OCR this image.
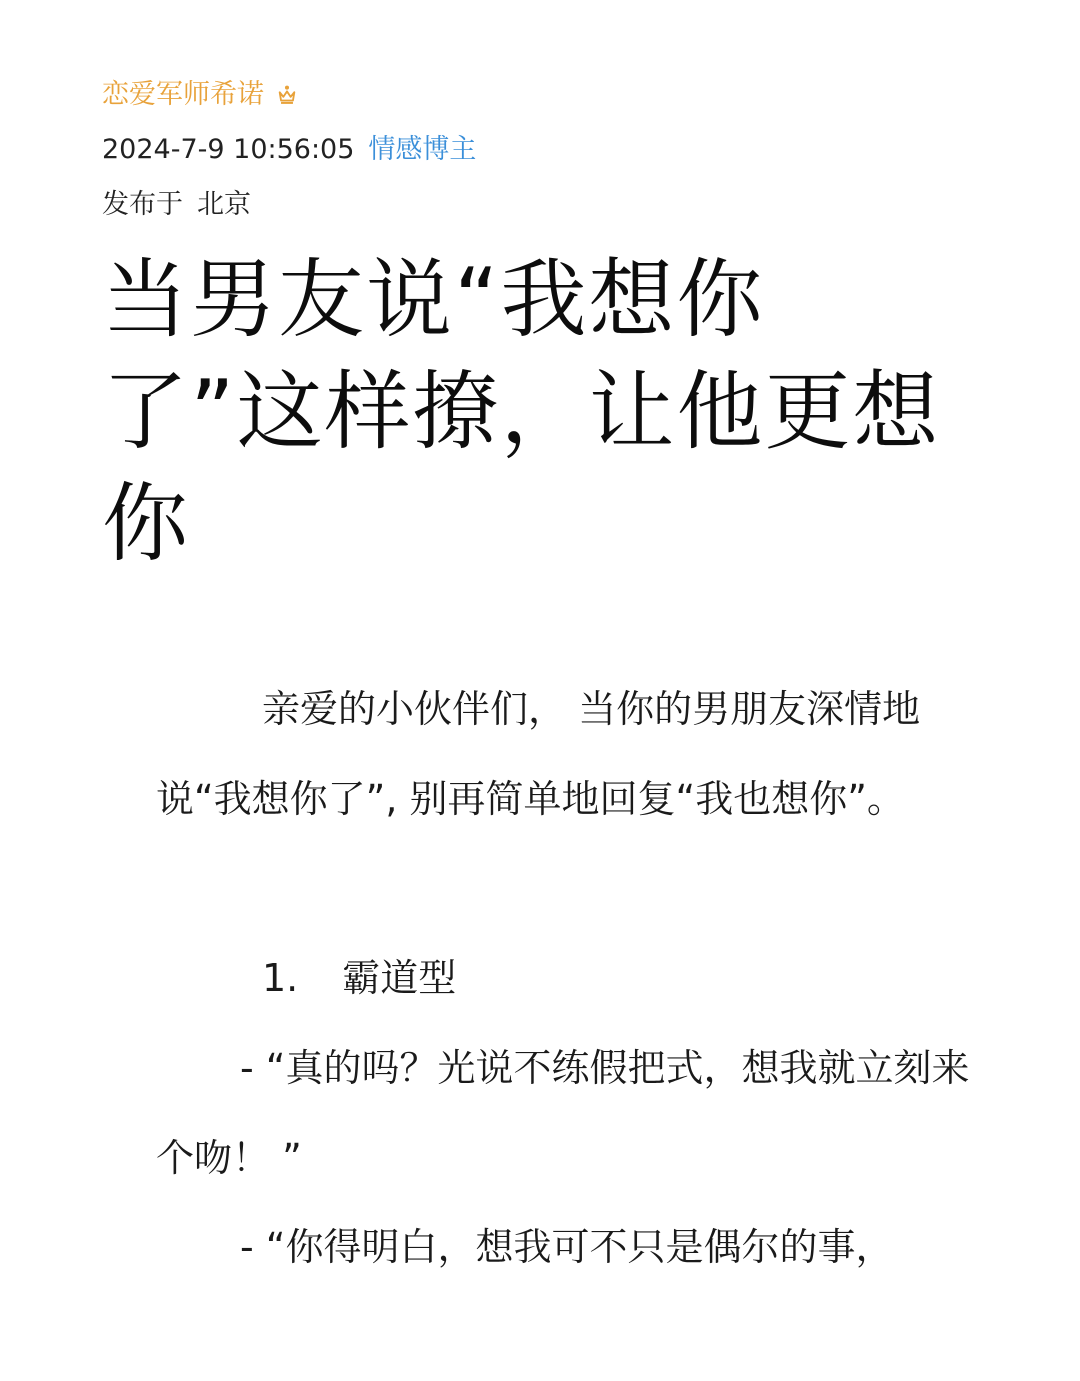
恋爱军师希诺
2024-7-9 10:56:05 情感博主
发布于 北京
当男友说“我想你了”这样撩，让他更想你

亲爱的小伙伴们， 当你的男朋友深情地说“我想你了”, 别再简单地回复“我也想你”。

1. 霸道型

- “真的吗？光说不练假把式，想我就立刻来个吻！ ”

- “你得明白，想我可不只是偶尔的事，
